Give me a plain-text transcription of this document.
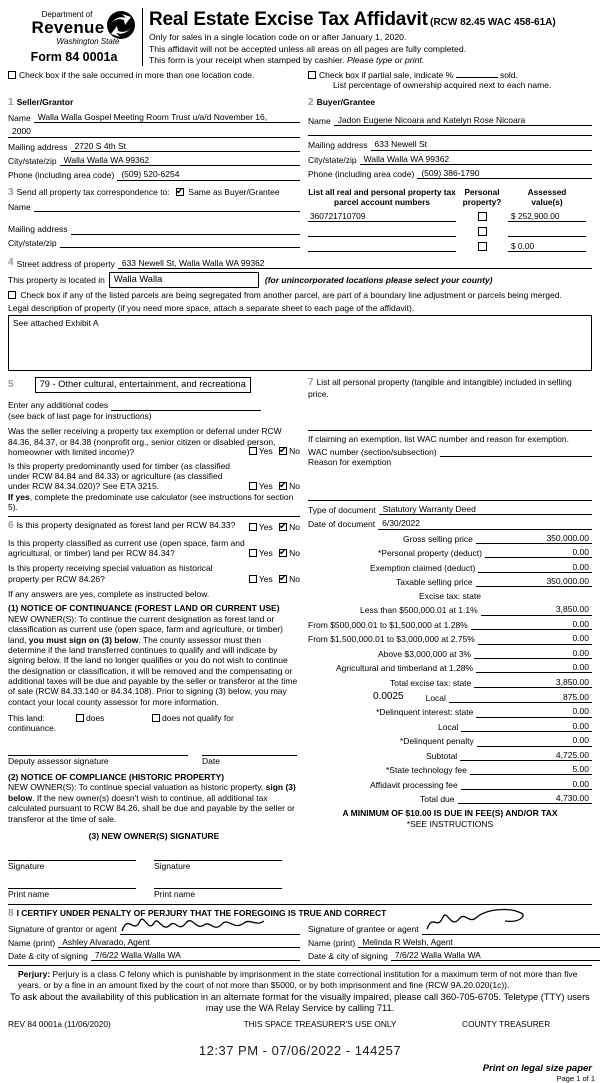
Department of
Revenue
Washington State
Form 84 0001a
Real Estate Excise Tax Affidavit (RCW 82.45 WAC 458-61A)

Only for sales in a single location code on or after January 1, 2020.

This affidavit will not be accepted unless all areas on all pages are fully completed.

This form is your receipt when stamped by cashier. Please type or print.

Check box if the sale occurred in more than one location code.	Check box if partial sale, indicate %	sold.
List percentage of ownership acquired next to each name.
1 Seller/Grantor
Name Walla Walla Gospel Meeting Room Trust u/a/d November 16,
2000
Mailing address 2720 S 4th St
City/state/zip Walla Walla WA 99362
Phone (including area code) (509) 520-6254
2 Buyer/Grantee
Name Jadon Eugene Nicoara and Katelyn Rose Nicoara
Mailing address 633 Newell St
City/state/zip Walla Walla WA 99362
Phone (including area code) (509) 386-1790
3 Send all property tax correspondence to: ✔ Same as Buyer/Grantee
Name
Mailing address
City/state/zip
List all real and personal property tax
parcel account numbers
Personal
property?
Assessed
value(s)
360721710709	$ 252,900.00
$ 0.00
4 Street address of property 633 Newell St, Walla Walla WA 99362
This property is located in Walla Walla	(for unincorporated locations please select your county)
Check box if any of the listed parcels are being segregated from another parcel, are part of a boundary line adjustment or parcels being merged.
Legal description of property (if you need more space, attach a separate sheet to each page of the affidavit).
See attached Exhibit A
5	79 - Other cultural, entertainment, and recreationa
Enter any additional codes
(see back of last page for instructions)
Was the seller receiving a property tax exemption or deferral under RCW 84.36, 84.37, or 84.38 (nonprofit org., senior citizen or disabled person, homeowner with limited income)?	Yes ✔ No
Is this property predominantly used for timber (as classified under RCW 84.84 and 84.33) or agriculture (as classified under RCW 84.34.020)? See ETA 3215.	Yes ✔ No
If yes, complete the predominate use calculator (see instructions for section 5).
6 Is this property designated as forest land per RCW 84.33?	Yes ✔ No
Is this property classified as current use (open space, farm and agricultural, or timber) land per RCW 84.34?	Yes ✔ No
Is this property receiving special valuation as historical property per RCW 84.26?	Yes ✔ No
If any answers are yes, complete as instructed below.
(1) NOTICE OF CONTINUANCE (FOREST LAND OR CURRENT USE)
NEW OWNER(S): To continue the current designation as forest land or classification as current use (open space, farm and agriculture, or timber) land, you must sign on (3) below. The county assessor must then determine if the land transferred continues to qualify and will indicate by signing below. If the land no longer qualifies or you do not wish to continue the designation or classification, it will be removed and the compensating or additional taxes will be due and payable by the seller or transferor at the time of sale (RCW 84.33.140 or 84.34.108). Prior to signing (3) below, you may contact your local county assessor for more information.
This land:	does	does not qualify for
continuance.
Deputy assessor signature	Date
(2) NOTICE OF COMPLIANCE (HISTORIC PROPERTY)
NEW OWNER(S): To continue special valuation as historic property, sign (3) below. If the new owner(s) doesn't wish to continue, all additional tax calculated pursuant to RCW 84.26, shall be due and payable by the seller or transferor at the time of sale.
(3) NEW OWNER(S) SIGNATURE
Signature	Signature
Print name	Print name
7 List all personal property (tangible and intangible) included in selling price.
If claiming an exemption, list WAC number and reason for exemption.
WAC number (section/subsection)
Reason for exemption
Type of document Statutory Warranty Deed
Date of document 6/30/2022
Gross selling price	350,000.00
*Personal property (deduct)	0.00
Exemption claimed (deduct)	0.00
Taxable selling price	350,000.00
Excise tax: state
Less than $500,000.01 at 1.1%	3,850.00
From $500,000.01 to $1,500,000 at 1.28%	0.00
From $1,500,000.01 to $3,000,000 at 2.75%	0.00
Above $3,000,000 at 3%	0.00
Agricultural and timberland at 1.28%	0.00
Total excise tax: state	3,850.00
0.0025	Local	875.00
*Delinquent interest: state	0.00
Local	0.00
*Delinquent penalty	0.00
Subtotal	4,725.00
*State technology fee	5.00
Affidavit processing fee	0.00
Total due	4,730.00
A MINIMUM OF $10.00 IS DUE IN FEE(S) AND/OR TAX
*SEE INSTRUCTIONS
8 I CERTIFY UNDER PENALTY OF PERJURY THAT THE FOREGOING IS TRUE AND CORRECT
Signature of grantor or agent
Name (print) Ashley Alvarado, Agent
Date & city of signing 7/6/22 Walla Walla WA
Signature of grantee or agent
Name (print) Melinda R Welsh, Agent
Date & city of signing 7/6/22 Walla Walla WA
Perjury: Perjury is a class C felony which is punishable by imprisonment in the state correctional institution for a maximum term of not more than five years, or by a fine in an amount fixed by the court of not more than $5000, or by both imprisonment and fine (RCW 9A.20.020(1c)).
To ask about the availability of this publication in an alternate format for the visually impaired, please call 360-705-6705. Teletype (TTY) users may use the WA Relay Service by calling 711.
REV 84 0001a (11/06/2020)	THIS SPACE TREASURER'S USE ONLY	COUNTY TREASURER
12:37 PM - 07/06/2022 - 144257
Print on legal size paper
Page 1 of 1
